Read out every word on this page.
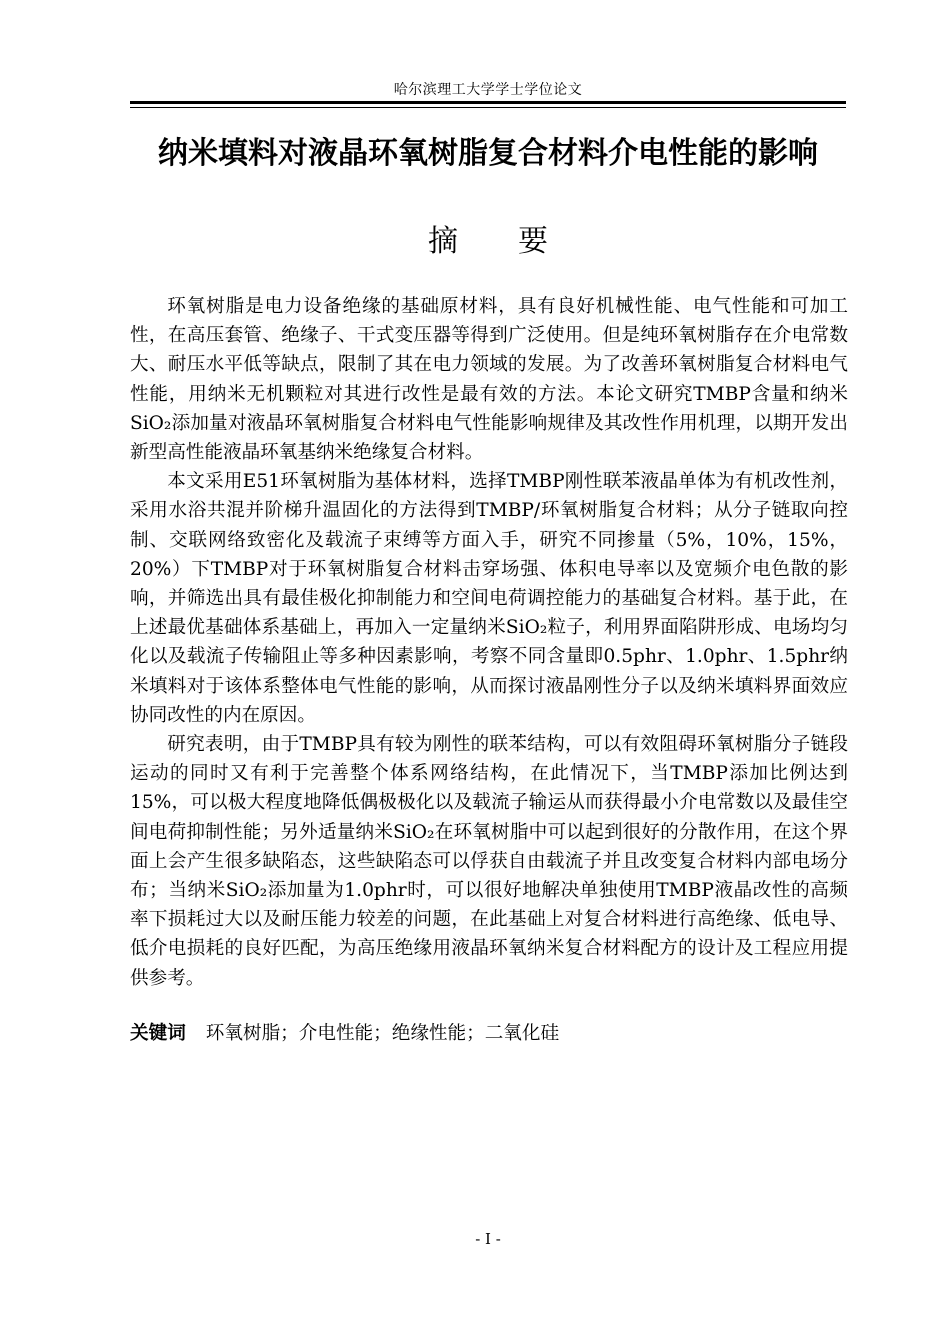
哈尔滨理工大学学士学位论文
纳米填料对液晶环氧树脂复合材料介电性能的影响
摘 要

环氧树脂是电力设备绝缘的基础原材料，具有良好机械性能、电气性能和可加工性，在高压套管、绝缘子、干式变压器等得到广泛使用。但是纯环氧树脂存在介电常数大、耐压水平低等缺点，限制了其在电力领域的发展。为了改善环氧树脂复合材料电气性能，用纳米无机颗粒对其进行改性是最有效的方法。本论文研究TMBP含量和纳米SiO₂添加量对液晶环氧树脂复合材料电气性能影响规律及其改性作用机理，以期开发出新型高性能液晶环氧基纳米绝缘复合材料。

本文采用E51环氧树脂为基体材料，选择TMBP刚性联苯液晶单体为有机改性剂，采用水浴共混并阶梯升温固化的方法得到TMBP/环氧树脂复合材料；从分子链取向控制、交联网络致密化及载流子束缚等方面入手，研究不同掺量（5%，10%，15%，20%）下TMBP对于环氧树脂复合材料击穿场强、体积电导率以及宽频介电色散的影响，并筛选出具有最佳极化抑制能力和空间电荷调控能力的基础复合材料。基于此，在上述最优基础体系基础上，再加入一定量纳米SiO₂粒子，利用界面陷阱形成、电场均匀化以及载流子传输阻止等多种因素影响，考察不同含量即0.5phr、1.0phr、1.5phr纳米填料对于该体系整体电气性能的影响，从而探讨液晶刚性分子以及纳米填料界面效应协同改性的内在原因。

研究表明，由于TMBP具有较为刚性的联苯结构，可以有效阻碍环氧树脂分子链段运动的同时又有利于完善整个体系网络结构，在此情况下，当TMBP添加比例达到15%，可以极大程度地降低偶极极化以及载流子输运从而获得最小介电常数以及最佳空间电荷抑制性能；另外适量纳米SiO₂在环氧树脂中可以起到很好的分散作用，在这个界面上会产生很多缺陷态，这些缺陷态可以俘获自由载流子并且改变复合材料内部电场分布；当纳米SiO₂添加量为1.0phr时，可以很好地解决单独使用TMBP液晶改性的高频率下损耗过大以及耐压能力较差的问题，在此基础上对复合材料进行高绝缘、低电导、低介电损耗的良好匹配，为高压绝缘用液晶环氧纳米复合材料配方的设计及工程应用提供参考。

关键词 环氧树脂；介电性能；绝缘性能；二氧化硅
- I -
